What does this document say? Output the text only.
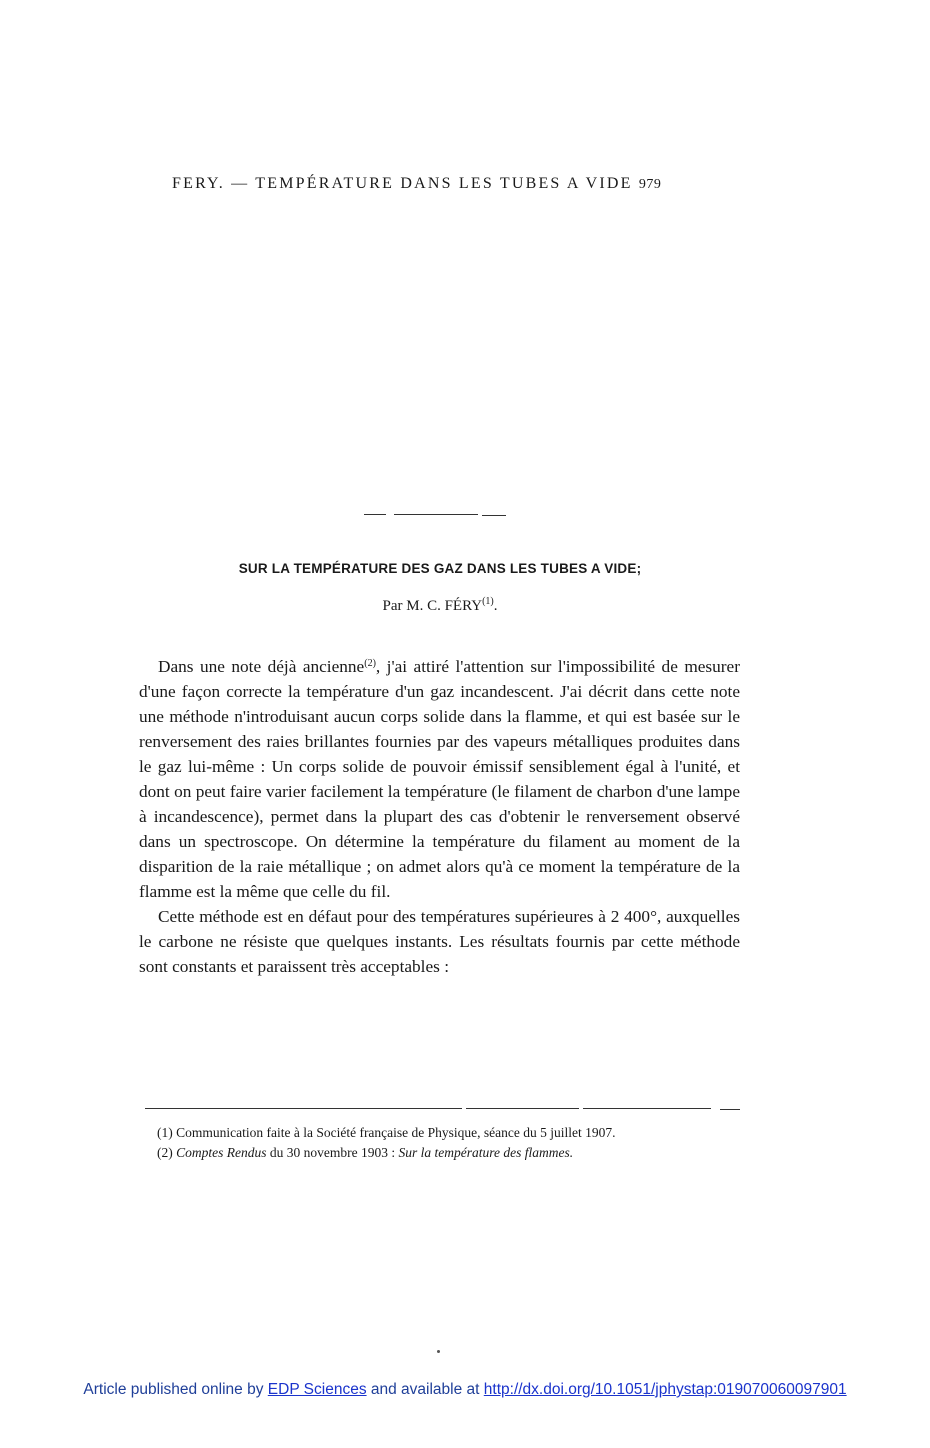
FERY. — TEMPÉRATURE DANS LES TUBES A VIDE 979
SUR LA TEMPÉRATURE DES GAZ DANS LES TUBES A VIDE;
Par M. C. FÉRY$^{(1)}$.

Dans une note déjà ancienne$^{(2)}$, j'ai attiré l'attention sur l'impossibilité de mesurer d'une façon correcte la température d'un gaz incandescent. J'ai décrit dans cette note une méthode n'introduisant aucun corps solide dans la flamme, et qui est basée sur le renversement des raies brillantes fournies par des vapeurs métalliques produites dans le gaz lui-même : Un corps solide de pouvoir émissif sensiblement égal à l'unité, et dont on peut faire varier facilement la température (le filament de charbon d'une lampe à incandescence), permet dans la plupart des cas d'obtenir le renversement observé dans un spectroscope. On détermine la température du filament au moment de la disparition de la raie métallique ; on admet alors qu'à ce moment la température de la flamme est la même que celle du fil.

Cette méthode est en défaut pour des températures supérieures à 2 400°, auxquelles le carbone ne résiste que quelques instants. Les résultats fournis par cette méthode sont constants et paraissent très acceptables :

(1) Communication faite à la Société française de Physique, séance du 5 juillet 1907.

(2) Comptes Rendus du 30 novembre 1903 : Sur la température des flammes.

Article published online by EDP Sciences and available at http://dx.doi.org/10.1051/jphystap:019070060097901
